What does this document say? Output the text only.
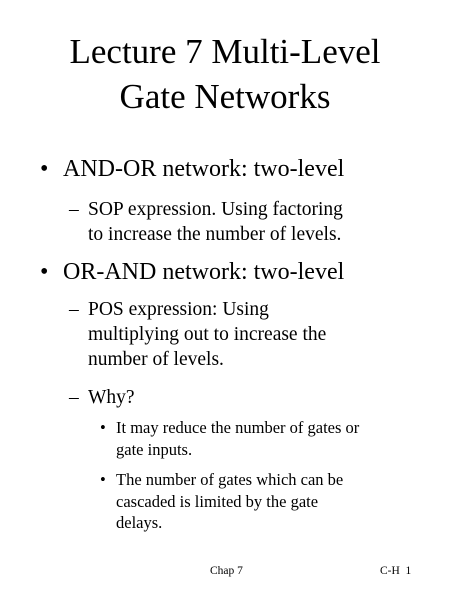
Lecture 7 Multi-Level
Gate Networks
• AND-OR network: two-level
– SOP expression. Using factoring
to increase the number of levels.
• OR-AND network: two-level
– POS expression: Using
multiplying out to increase the
number of levels.
– Why?
• It may reduce the number of gates or
gate inputs.
• The number of gates which can be
cascaded is limited by the gate
delays.
Chap 7	C-H  1
